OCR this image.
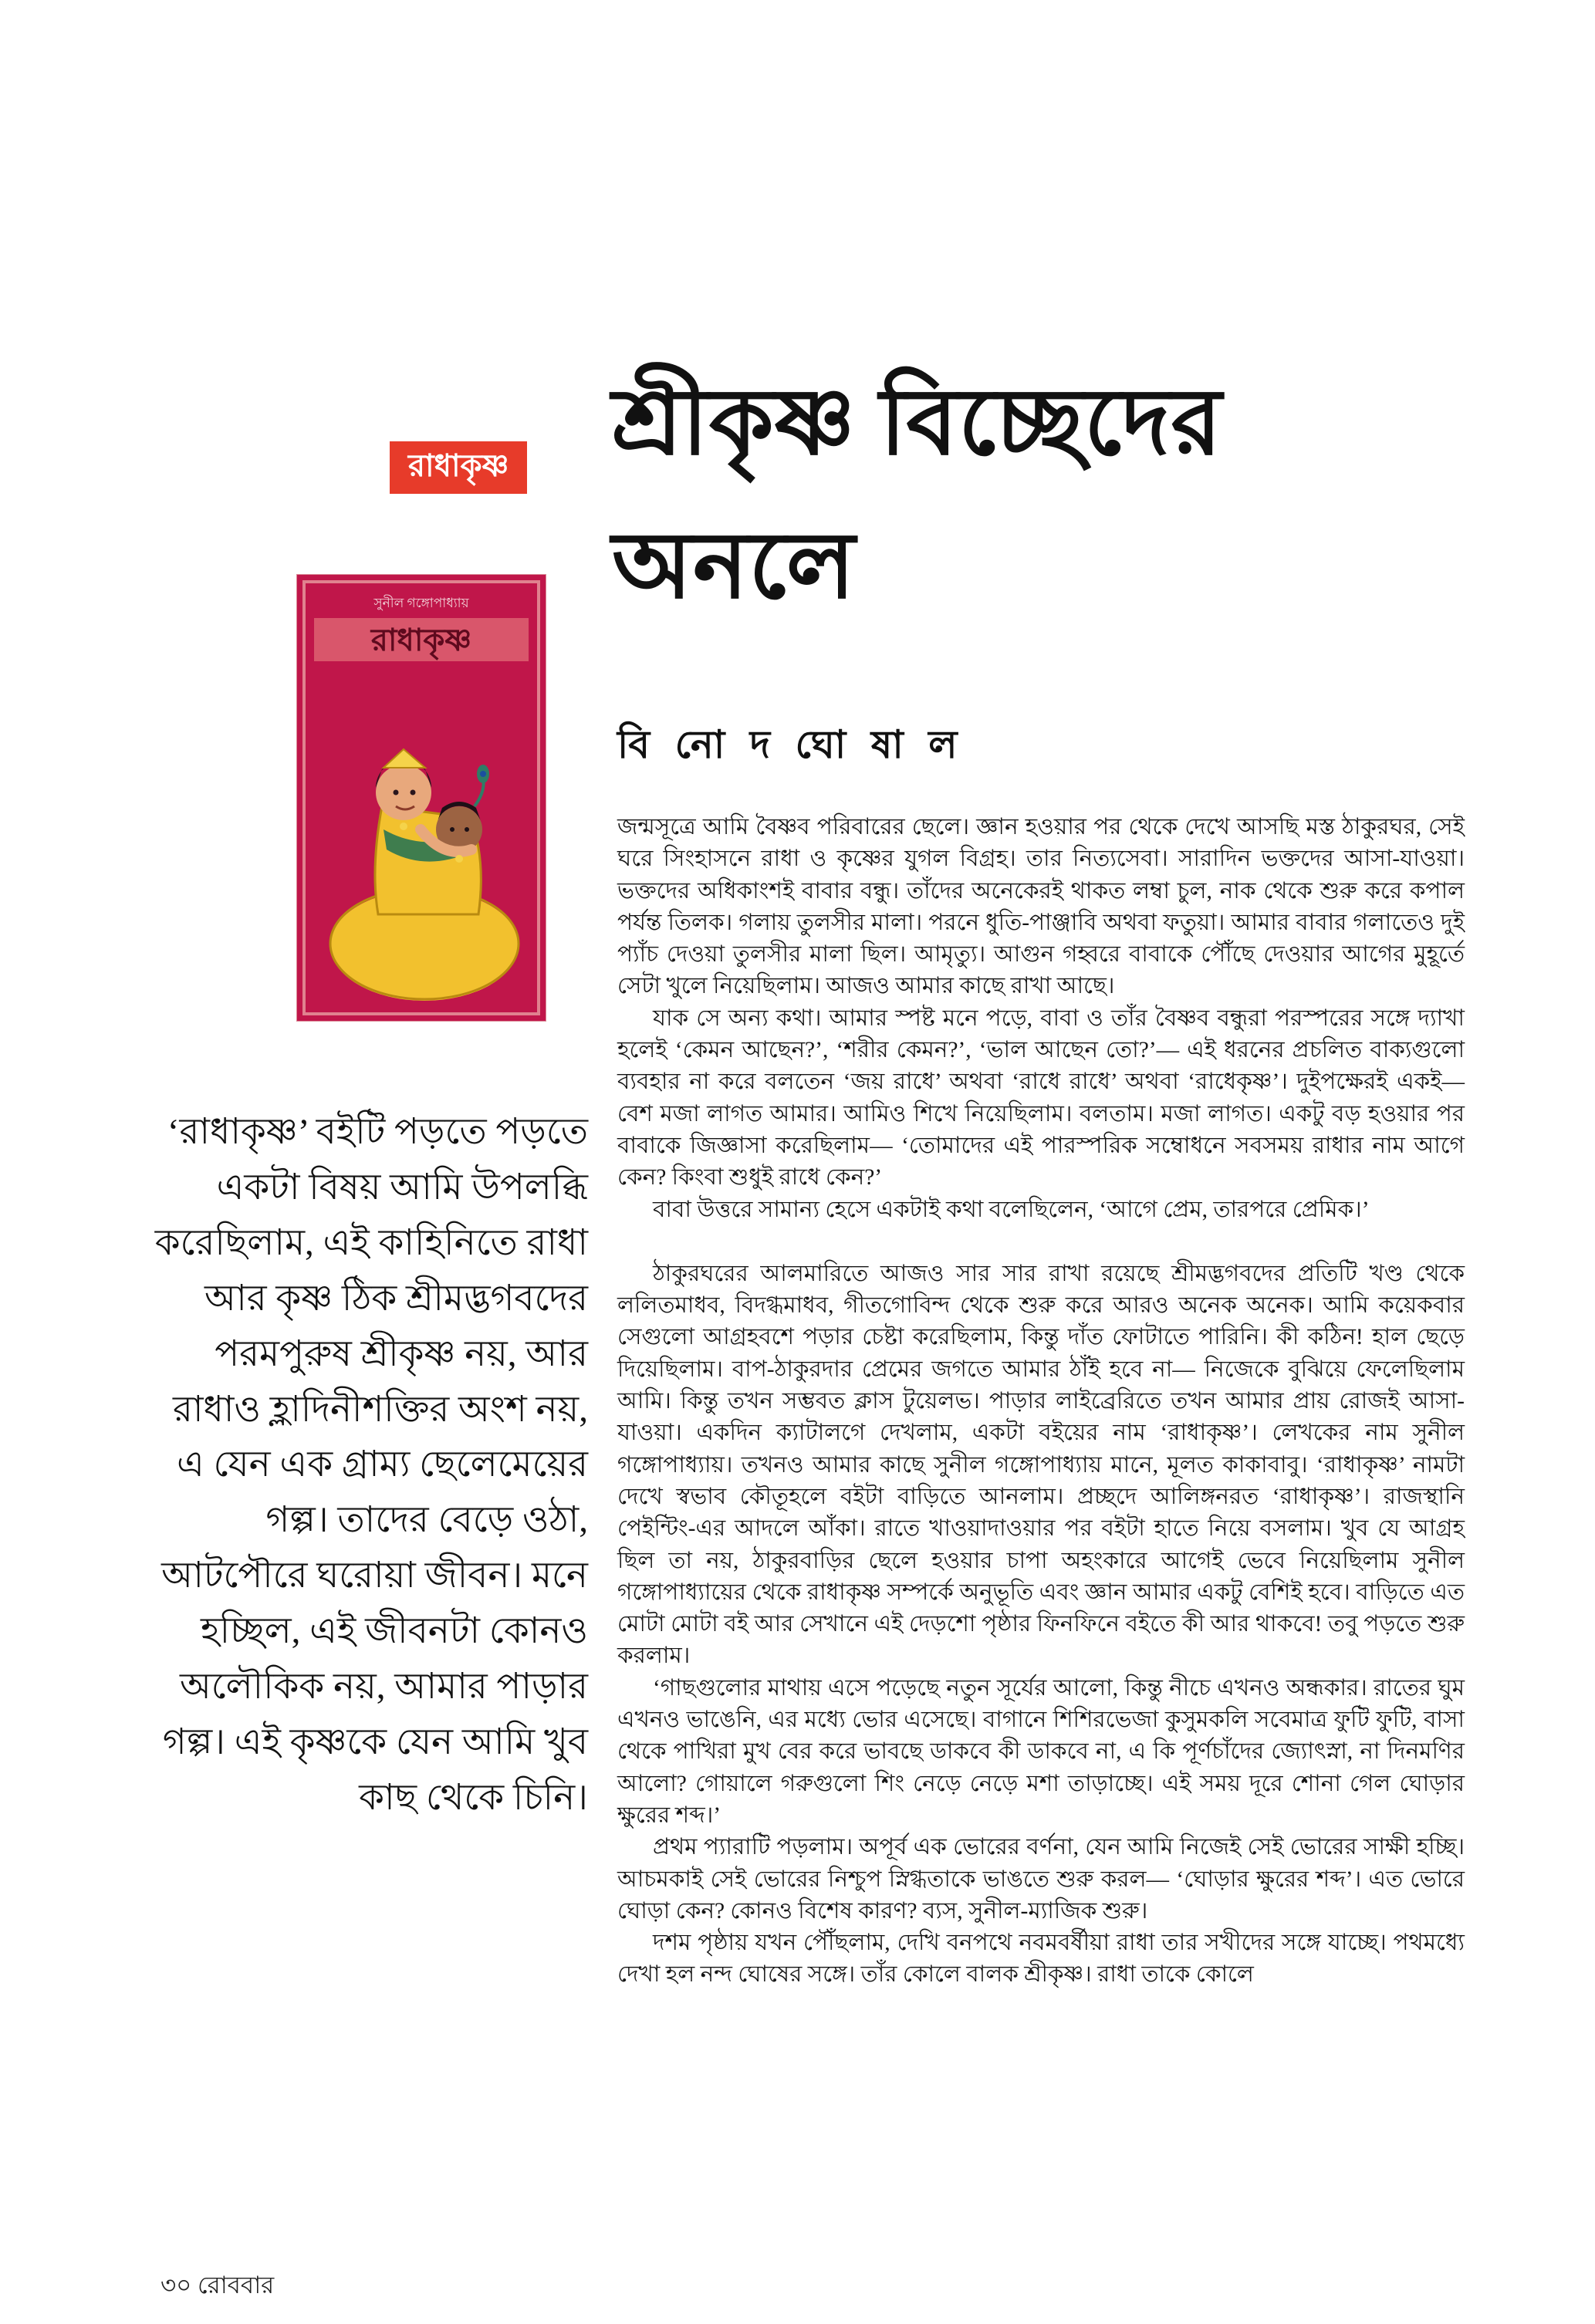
রাধাকৃষ্ণ শ্রীকৃষ্ণ বিচ্ছেদের
অনলে
বি নো দ ঘো ষা ল
সুনীল গঙ্গোপাধ্যায়
রাধাকৃষ্ণ
‘রাধাকৃষ্ণ’ বইটি পড়তে পড়তে একটা বিষয় আমি উপলব্ধি করেছিলাম, এই কাহিনিতে রাধা আর কৃষ্ণ ঠিক শ্রীমদ্ভগবদের পরমপুরুষ শ্রীকৃষ্ণ নয়, আর রাধাও হ্লাদিনীশক্তির অংশ নয়, এ যেন এক গ্রাম্য ছেলেমেয়ের গল্প। তাদের বেড়ে ওঠা, আটপৌরে ঘরোয়া জীবন। মনে হচ্ছিল, এই জীবনটা কোনও অলৌকিক নয়, আমার পাড়ার গল্প। এই কৃষ্ণকে যেন আমি খুব কাছ থেকে চিনি।

জন্মসূত্রে আমি বৈষ্ণব পরিবারের ছেলে। জ্ঞান হওয়ার পর থেকে দেখে আসছি মস্ত ঠাকুরঘর, সেই ঘরে সিংহাসনে রাধা ও কৃষ্ণের যুগল বিগ্রহ। তার নিত্যসেবা। সারাদিন ভক্তদের আসা-যাওয়া। ভক্তদের অধিকাংশই বাবার বন্ধু। তাঁদের অনেকেরই থাকত লম্বা চুল, নাক থেকে শুরু করে কপাল পর্যন্ত তিলক। গলায় তুলসীর মালা। পরনে ধুতি-পাঞ্জাবি অথবা ফতুয়া। আমার বাবার গলাতেও দুই প্যাঁচ দেওয়া তুলসীর মালা ছিল। আমৃত্যু। আগুন গহ্বরে বাবাকে পৌঁছে দেওয়ার আগের মুহূর্তে সেটা খুলে নিয়েছিলাম। আজও আমার কাছে রাখা আছে।

যাক সে অন্য কথা। আমার স্পষ্ট মনে পড়ে, বাবা ও তাঁর বৈষ্ণব বন্ধুরা পরস্পরের সঙ্গে দ্যাখা হলেই ‘কেমন আছেন?’, ‘শরীর কেমন?’, ‘ভাল আছেন তো?’— এই ধরনের প্রচলিত বাক্যগুলো ব্যবহার না করে বলতেন ‘জয় রাধে’ অথবা ‘রাধে রাধে’ অথবা ‘রাধেকৃষ্ণ’। দুইপক্ষেরই একই— বেশ মজা লাগত আমার। আমিও শিখে নিয়েছিলাম। বলতাম। মজা লাগত। একটু বড় হওয়ার পর বাবাকে জিজ্ঞাসা করেছিলাম— ‘তোমাদের এই পারস্পরিক সম্বোধনে সবসময় রাধার নাম আগে কেন? কিংবা শুধুই রাধে কেন?’

বাবা উত্তরে সামান্য হেসে একটাই কথা বলেছিলেন, ‘আগে প্রেম, তারপরে প্রেমিক।’

ঠাকুরঘরের আলমারিতে আজও সার সার রাখা রয়েছে শ্রীমদ্ভগবদের প্রতিটি খণ্ড থেকে ললিতমাধব, বিদগ্ধমাধব, গীতগোবিন্দ থেকে শুরু করে আরও অনেক অনেক। আমি কয়েকবার সেগুলো আগ্রহবশে পড়ার চেষ্টা করেছিলাম, কিন্তু দাঁত ফোটাতে পারিনি। কী কঠিন! হাল ছেড়ে দিয়েছিলাম। বাপ-ঠাকুরদার প্রেমের জগতে আমার ঠাঁই হবে না— নিজেকে বুঝিয়ে ফেলেছিলাম আমি। কিন্তু তখন সম্ভবত ক্লাস টুয়েলভ। পাড়ার লাইব্রেরিতে তখন আমার প্রায় রোজই আসা-যাওয়া। একদিন ক্যাটালগে দেখলাম, একটা বইয়ের নাম ‘রাধাকৃষ্ণ’। লেখকের নাম সুনীল গঙ্গোপাধ্যায়। তখনও আমার কাছে সুনীল গঙ্গোপাধ্যায় মানে, মূলত কাকাবাবু। ‘রাধাকৃষ্ণ’ নামটা দেখে স্বভাব কৌতূহলে বইটা বাড়িতে আনলাম। প্রচ্ছদে আলিঙ্গনরত ‘রাধাকৃষ্ণ’। রাজস্থানি পেইন্টিং-এর আদলে আঁকা। রাতে খাওয়াদাওয়ার পর বইটা হাতে নিয়ে বসলাম। খুব যে আগ্রহ ছিল তা নয়, ঠাকুরবাড়ির ছেলে হওয়ার চাপা অহংকারে আগেই ভেবে নিয়েছিলাম সুনীল গঙ্গোপাধ্যায়ের থেকে রাধাকৃষ্ণ সম্পর্কে অনুভূতি এবং জ্ঞান আমার একটু বেশিই হবে। বাড়িতে এত মোটা মোটা বই আর সেখানে এই দেড়শো পৃষ্ঠার ফিনফিনে বইতে কী আর থাকবে! তবু পড়তে শুরু করলাম।

‘গাছগুলোর মাথায় এসে পড়েছে নতুন সূর্যের আলো, কিন্তু নীচে এখনও অন্ধকার। রাতের ঘুম এখনও ভাঙেনি, এর মধ্যে ভোর এসেছে। বাগানে শিশিরভেজা কুসুমকলি সবেমাত্র ফুটি ফুটি, বাসা থেকে পাখিরা মুখ বের করে ভাবছে ডাকবে কী ডাকবে না, এ কি পূর্ণচাঁদের জ্যোৎস্না, না দিনমণির আলো? গোয়ালে গরুগুলো শিং নেড়ে নেড়ে মশা তাড়াচ্ছে। এই সময় দূরে শোনা গেল ঘোড়ার ক্ষুরের শব্দ।’

প্রথম প্যারাটি পড়লাম। অপূর্ব এক ভোরের বর্ণনা, যেন আমি নিজেই সেই ভোরের সাক্ষী হচ্ছি। আচমকাই সেই ভোরের নিশ্চুপ স্নিগ্ধতাকে ভাঙতে শুরু করল— ‘ঘোড়ার ক্ষুরের শব্দ’। এত ভোরে ঘোড়া কেন? কোনও বিশেষ কারণ? ব্যস, সুনীল-ম্যাজিক শুরু।

দশম পৃষ্ঠায় যখন পৌঁছলাম, দেখি বনপথে নবমবর্ষীয়া রাধা তার সখীদের সঙ্গে যাচ্ছে। পথমধ্যে দেখা হল নন্দ ঘোষের সঙ্গে। তাঁর কোলে বালক শ্রীকৃষ্ণ। রাধা তাকে কোলে

৩০ রোববার
